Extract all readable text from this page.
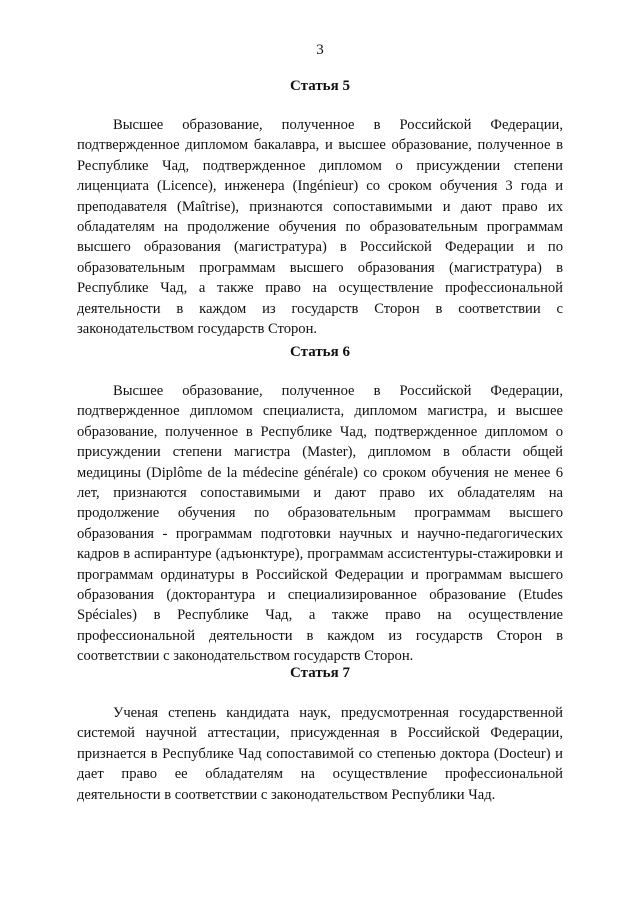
3
Статья 5

Высшее образование, полученное в Российской Федерации, подтвержденное дипломом бакалавра, и высшее образование, полученное в Республике Чад, подтвержденное дипломом о присуждении степени лиценциата (Licence), инженера (Ingénieur) со сроком обучения 3 года и преподавателя (Maîtrise), признаются сопоставимыми и дают право их обладателям на продолжение обучения по образовательным программам высшего образования (магистратура) в Российской Федерации и по образовательным программам высшего образования (магистратура) в Республике Чад, а также право на осуществление профессиональной деятельности в каждом из государств Сторон в соответствии с законодательством государств Сторон.

Статья 6

Высшее образование, полученное в Российской Федерации, подтвержденное дипломом специалиста, дипломом магистра, и высшее образование, полученное в Республике Чад, подтвержденное дипломом о присуждении степени магистра (Master), дипломом в области общей медицины (Diplôme de la médecine générale) со сроком обучения не менее 6 лет, признаются сопоставимыми и дают право их обладателям на продолжение обучения по образовательным программам высшего образования - программам подготовки научных и научно-педагогических кадров в аспирантуре (адъюнктуре), программам ассистентуры-стажировки и программам ординатуры в Российской Федерации и программам высшего образования (докторантура и специализированное образование (Etudes Spéciales) в Республике Чад, а также право на осуществление профессиональной деятельности в каждом из государств Сторон в соответствии с законодательством государств Сторон.

Статья 7

Ученая степень кандидата наук, предусмотренная государственной системой научной аттестации, присужденная в Российской Федерации, признается в Республике Чад сопоставимой со степенью доктора (Docteur) и дает право ее обладателям на осуществление профессиональной деятельности в соответствии с законодательством Республики Чад.
